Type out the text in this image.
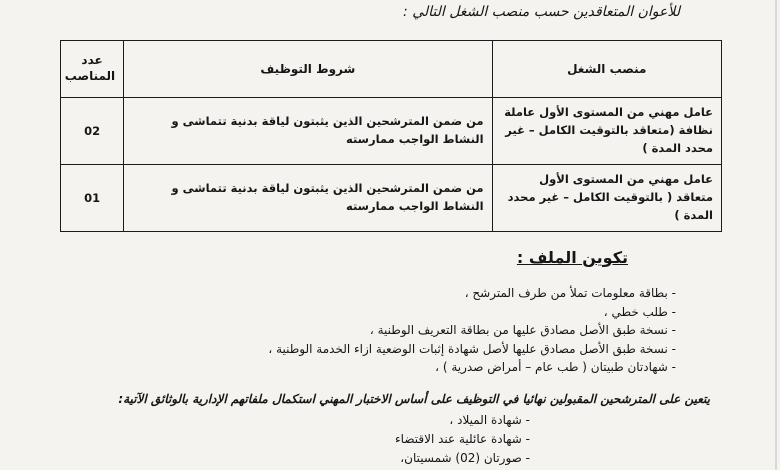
للأعوان المتعاقدين حسب منصب الشغل التالي :
منصب الشغل	شروط التوظيف	عدد المناصب
عامل مهني من المستوى الأول عاملة نظافة (متعاقد بالتوقيت الكامل – غير محدد المدة )	من ضمن المترشحين الذين يثبتون لياقة بدنية تتماشى و النشاط الواجب ممارسته	02
عامل مهني من المستوى الأول متعاقد ( بالتوقيت الكامل – غير محدد المدة )	من ضمن المترشحين الذين يثبتون لياقة بدنية تتماشى و النشاط الواجب ممارسته	01
تكوين الملف :
- بطاقة معلومات تملأ من طرف المترشح ،
- طلب خطي ،
- نسخة طبق الأصل مصادق عليها من بطاقة التعريف الوطنية ،
- نسخة طبق الأصل مصادق عليها لأصل شهادة إثبات الوضعية ازاء الخدمة الوطنية ،
- شهادتان طبيتان ( طب عام – أمراض صدرية ) ،
يتعين على المترشحين المقبولين نهائيا في التوظيف على أساس الاختبار المهني استكمال ملفاتهم الإدارية بالوثائق الآتية:
- شهادة الميلاد ،
- شهادة عائلية عند الاقتضاء
- صورتان (02) شمسيتان،
